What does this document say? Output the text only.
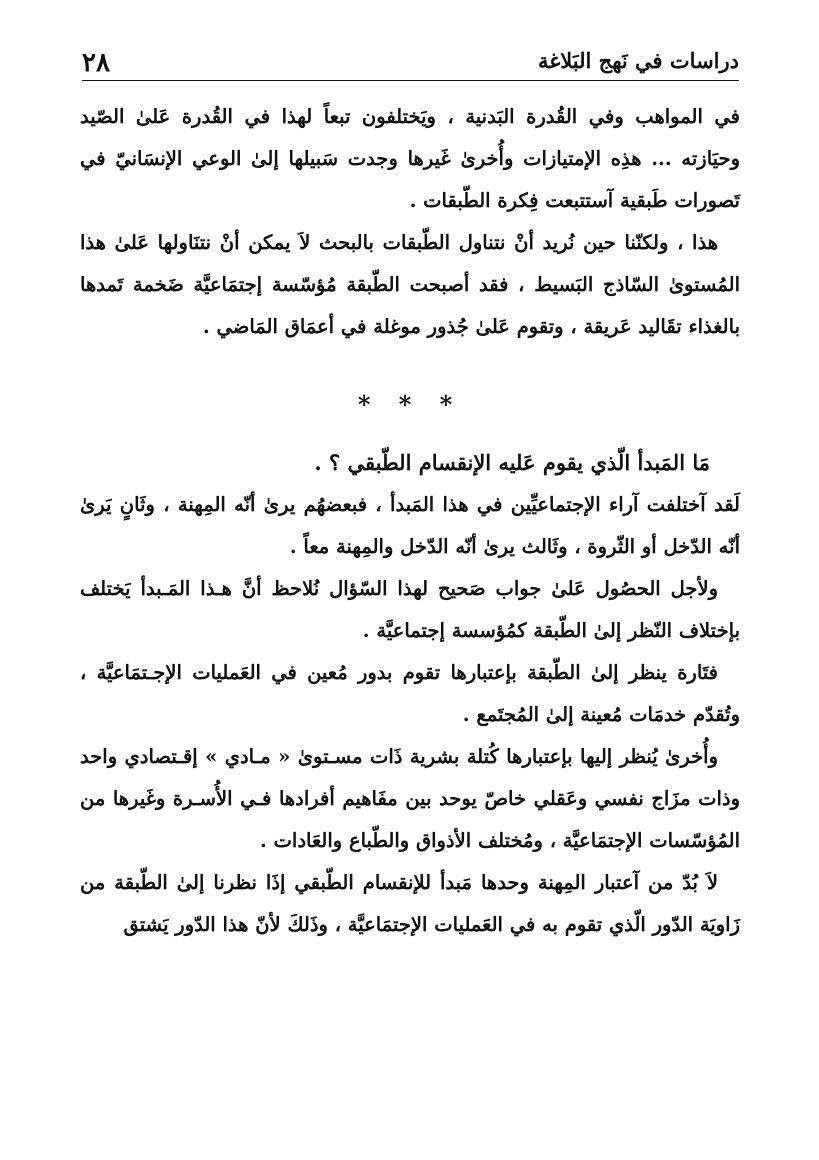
٢٨	دراسات في نَهج البَلاغة

في المواهب وفي القُدرة البَدنية ، ويَختلفون تبعاً لهذا في القُدرة عَلىٰ الصّيد وحيَازته ... هذِه الإمتيازات وأُخرىٰ غَيرها وجدت سَبيلها إلىٰ الوعي الإنسَانيّ في تَصورات طَبقية آستتبعت فِكرة الطّبقات .

هذا ، ولكنّنا حين نُريد أنْ نتناول الطّبقات بالبحث لاَ يمكن أنْ نتنَاولها عَلىٰ هذا المُستوىٰ السّاذج البَسيط ، فقد أصبحت الطّبقة مُؤسّسة إجتمَاعيَّة ضَخمة تَمدها بالغذاء تقَاليد عَريقة ، وتقوم عَلىٰ جُذور موغلة في أعمَاق المَاضي .

* * *

مَا المَبدأ الّذي يقوم عَليه الإنقسام الطّبقي ؟ .

لَقد آختلفت آراء الإجتماعيِّين في هذا المَبدأ ، فبعضهُم يرىٰ أنّه المِهنة ، وثَانٍ يَرىٰ أنّه الدّخل أو الثّروة ، وثَالث يرىٰ أنّه الدّخل والمِهنة معاً .

ولأجل الحصُول عَلىٰ جواب صَحيح لهذا السّؤال نُلاحظ أنَّ هـذا المَـبدأ يَختلف بإختلاف النّظر إلىٰ الطّبقة كمُؤسسة إجتماعيَّة .

فتَارة ينظر إلىٰ الطّبقة بإعتبارها تقوم بدور مُعين في العَمليات الإجـتمَاعيَّة ، وتُقدّم خدمَات مُعينة إلىٰ المُجتَمع .

وأُخرىٰ يُنظر إليها بإعتبارها كُتلة بشرية ذَات مسـتوىٰ « مـادي » إقـتصادي واحد وذات مزَاج نفسي وعَقلي خاصّ يوحد بين مفَاهيم أفرادها فـي الأُسـرة وغَيرها من المُؤسّسات الإجتمَاعيَّة ، ومُختلف الأذواق والطّباع والعَادات .

لاَ بُدّ من آعتبار المِهنة وحدها مَبدأ للإنقسام الطّبقي إذَا نظرنا إلىٰ الطّبقة من زَاويَة الدّور الّذي تقوم به في العَمليات الإجتمَاعيَّة ، وذَلكَ لأنّ هذا الدّور يَشتق
